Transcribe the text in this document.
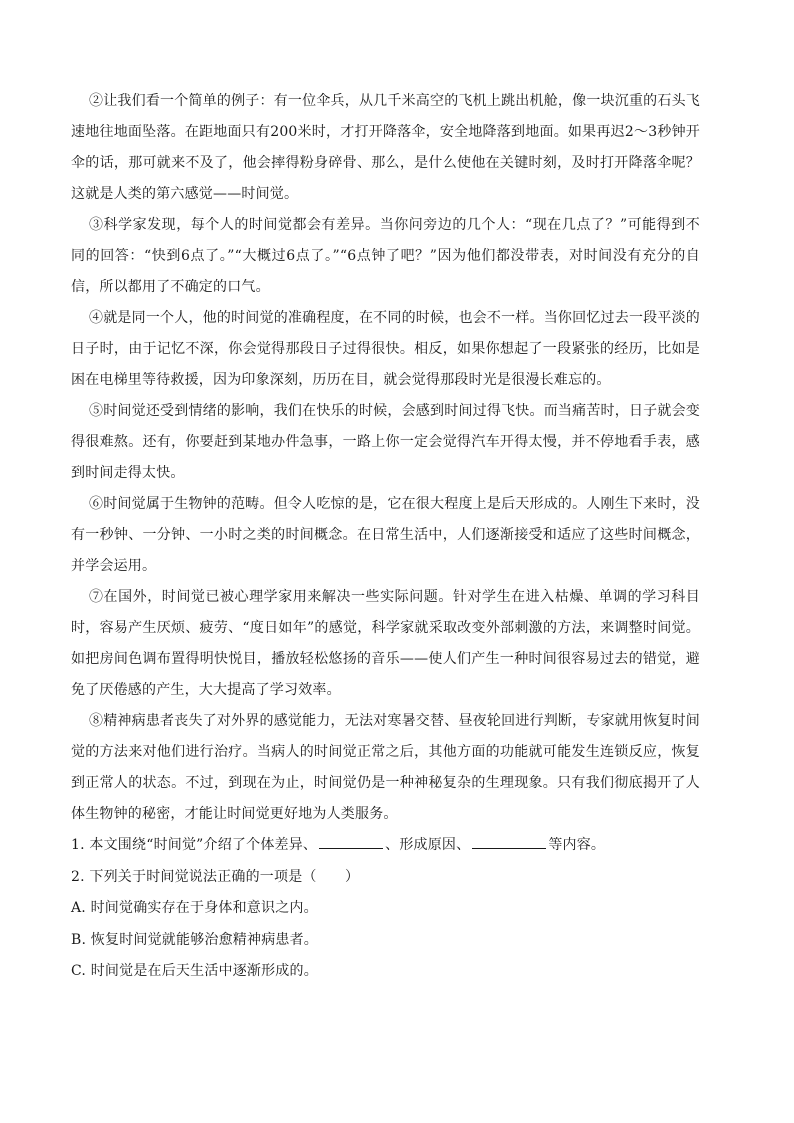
②让我们看一个简单的例子：有一位伞兵，从几千米高空的飞机上跳出机舱，像一块沉重的石头飞速地往地面坠落。在距地面只有200米时，才打开降落伞，安全地降落到地面。如果再迟2～3秒钟开伞的话，那可就来不及了，他会摔得粉身碎骨、那么，是什么使他在关键时刻，及时打开降落伞呢？这就是人类的第六感觉——时间觉。

③科学家发现，每个人的时间觉都会有差异。当你问旁边的几个人：“现在几点了？”可能得到不同的回答：“快到6点了。”“大概过6点了。”“6点钟了吧？”因为他们都没带表，对时间没有充分的自信，所以都用了不确定的口气。

④就是同一个人，他的时间觉的准确程度，在不同的时候，也会不一样。当你回忆过去一段平淡的日子时，由于记忆不深，你会觉得那段日子过得很快。相反，如果你想起了一段紧张的经历，比如是困在电梯里等待救援，因为印象深刻，历历在目，就会觉得那段时光是很漫长难忘的。

⑤时间觉还受到情绪的影响，我们在快乐的时候，会感到时间过得飞快。而当痛苦时，日子就会变得很难熬。还有，你要赶到某地办件急事，一路上你一定会觉得汽车开得太慢，并不停地看手表，感到时间走得太快。

⑥时间觉属于生物钟的范畴。但令人吃惊的是，它在很大程度上是后天形成的。人刚生下来时，没有一秒钟、一分钟、一小时之类的时间概念。在日常生活中，人们逐渐接受和适应了这些时间概念，并学会运用。

⑦在国外，时间觉已被心理学家用来解决一些实际问题。针对学生在进入枯燥、单调的学习科目时，容易产生厌烦、疲劳、“度日如年”的感觉，科学家就采取改变外部刺激的方法，来调整时间觉。如把房间色调布置得明快悦目，播放轻松悠扬的音乐——使人们产生一种时间很容易过去的错觉，避免了厌倦感的产生，大大提高了学习效率。

⑧精神病患者丧失了对外界的感觉能力，无法对寒暑交替、昼夜轮回进行判断，专家就用恢复时间觉的方法来对他们进行治疗。当病人的时间觉正常之后，其他方面的功能就可能发生连锁反应，恢复到正常人的状态。不过，到现在为止，时间觉仍是一种神秘复杂的生理现象。只有我们彻底揭开了人体生物钟的秘密，才能让时间觉更好地为人类服务。

1. 本文围绕“时间觉”介绍了个体差异、	、形成原因、	等内容。

2. 下列关于时间觉说法正确的一项是（　　）

A. 时间觉确实存在于身体和意识之内。

B. 恢复时间觉就能够治愈精神病患者。

C. 时间觉是在后天生活中逐渐形成的。
